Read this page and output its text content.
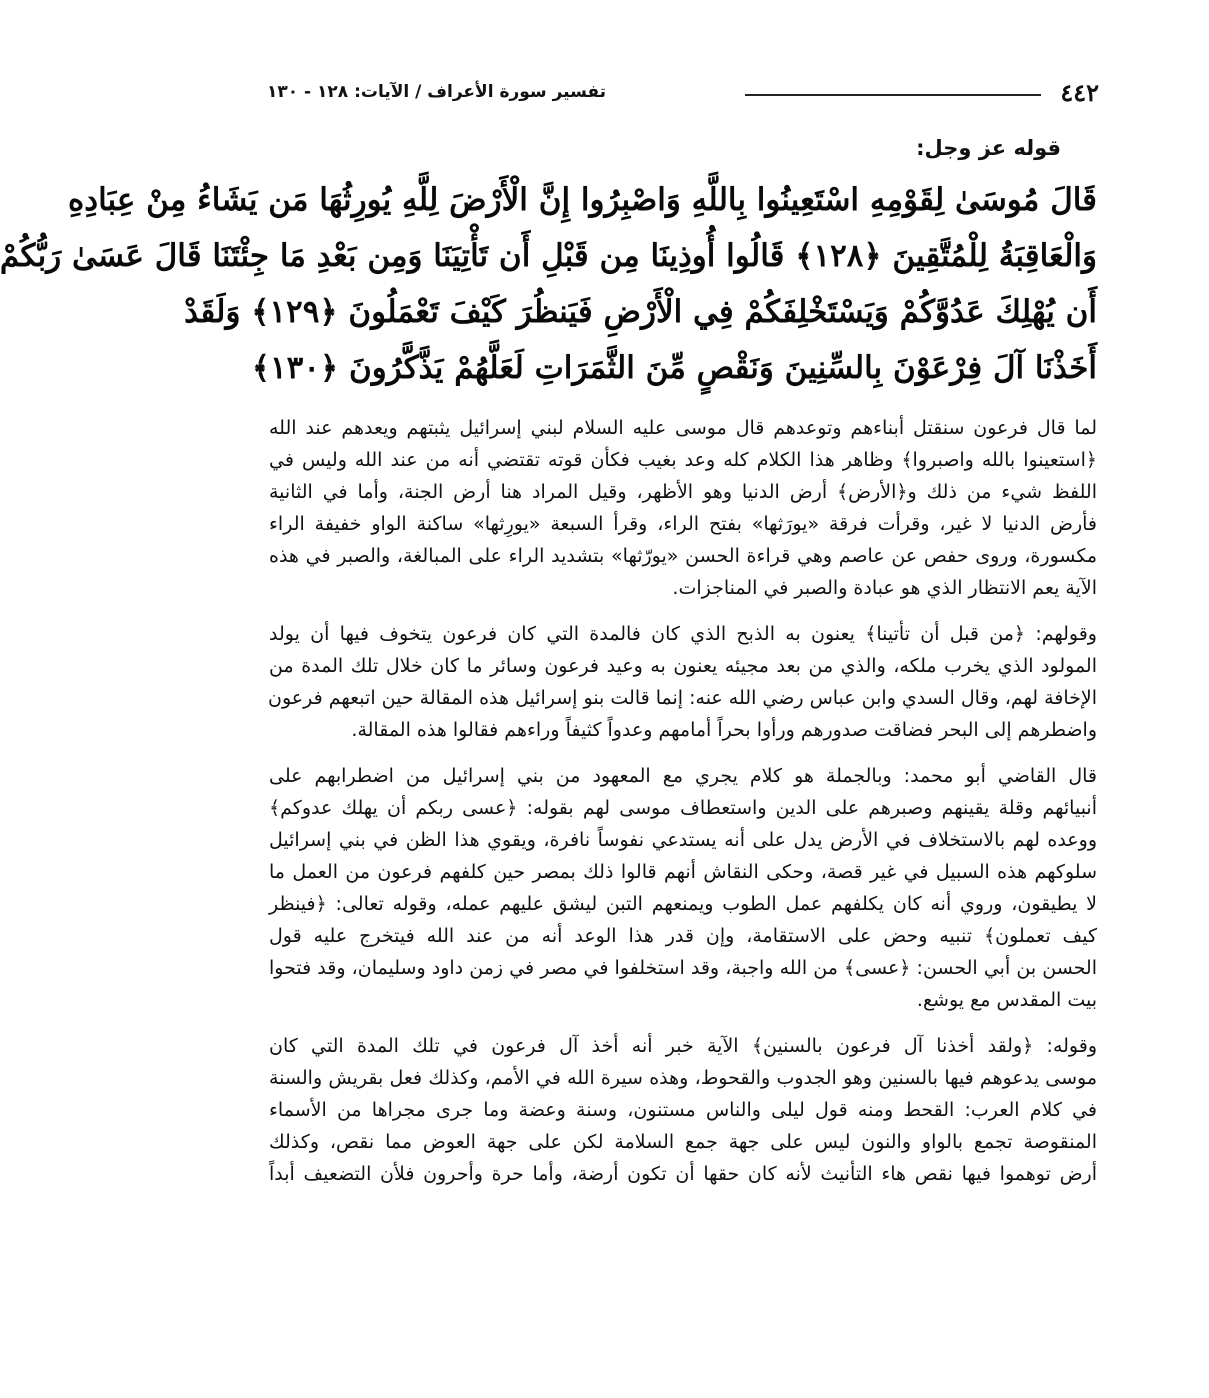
٤٤٢
تفسير سورة الأعراف / الآيات: ١٢٨ - ١٣٠
قوله عز وجل:
قَالَ مُوسَىٰ لِقَوْمِهِ اسْتَعِينُوا بِاللَّهِ وَاصْبِرُوا إِنَّ الْأَرْضَ لِلَّهِ يُورِثُهَا مَن يَشَاءُ مِنْ عِبَادِهِ
وَالْعَاقِبَةُ لِلْمُتَّقِينَ ﴿١٢٨﴾ قَالُوا أُوذِينَا مِن قَبْلِ أَن تَأْتِيَنَا وَمِن بَعْدِ مَا جِئْتَنَا قَالَ عَسَىٰ رَبُّكُمْ
أَن يُهْلِكَ عَدُوَّكُمْ وَيَسْتَخْلِفَكُمْ فِي الْأَرْضِ فَيَنظُرَ كَيْفَ تَعْمَلُونَ ﴿١٢٩﴾ وَلَقَدْ
أَخَذْنَا آلَ فِرْعَوْنَ بِالسِّنِينَ وَنَقْصٍ مِّنَ الثَّمَرَاتِ لَعَلَّهُمْ يَذَّكَّرُونَ ﴿١٣٠﴾
لما قال فرعون سنقتل أبناءهم وتوعدهم قال موسى عليه السلام لبني إسرائيل يثبتهم ويعدهم عند الله
﴿استعينوا بالله واصبروا﴾ وظاهر هذا الكلام كله وعد بغيب فكأن قوته تقتضي أنه من عند الله وليس في
اللفظ شيء من ذلك و﴿الأرض﴾ أرض الدنيا وهو الأظهر، وقيل المراد هنا أرض الجنة، وأما في الثانية
فأرض الدنيا لا غير، وقرأت فرقة «يورَثها» بفتح الراء، وقرأ السبعة «يورِثها» ساكنة الواو خفيفة الراء
مكسورة، وروى حفص عن عاصم وهي قراءة الحسن «يورّثها» بتشديد الراء على المبالغة، والصبر في هذه
الآية يعم الانتظار الذي هو عبادة والصبر في المناجزات.
وقولهم: ﴿من قبل أن تأتينا﴾ يعنون به الذبح الذي كان فالمدة التي كان فرعون يتخوف فيها أن يولد
المولود الذي يخرب ملكه، والذي من بعد مجيئه يعنون به وعيد فرعون وسائر ما كان خلال تلك المدة من
الإخافة لهم، وقال السدي وابن عباس رضي الله عنه: إنما قالت بنو إسرائيل هذه المقالة حين اتبعهم فرعون
واضطرهم إلى البحر فضاقت صدورهم ورأوا بحراً أمامهم وعدواً كثيفاً وراءهم فقالوا هذه المقالة.
قال القاضي أبو محمد: وبالجملة هو كلام يجري مع المعهود من بني إسرائيل من اضطرابهم على
أنبيائهم وقلة يقينهم وصبرهم على الدين واستعطاف موسى لهم بقوله: ﴿عسى ربكم أن يهلك عدوكم﴾
ووعده لهم بالاستخلاف في الأرض يدل على أنه يستدعي نفوساً نافرة، ويقوي هذا الظن في بني إسرائيل
سلوكهم هذه السبيل في غير قصة، وحكى النقاش أنهم قالوا ذلك بمصر حين كلفهم فرعون من العمل ما
لا يطيقون، وروي أنه كان يكلفهم عمل الطوب ويمنعهم التبن ليشق عليهم عمله، وقوله تعالى: ﴿فينظر
كيف تعملون﴾ تنبيه وحض على الاستقامة، وإن قدر هذا الوعد أنه من عند الله فيتخرج عليه قول
الحسن بن أبي الحسن: ﴿عسى﴾ من الله واجبة، وقد استخلفوا في مصر في زمن داود وسليمان، وقد فتحوا
بيت المقدس مع يوشع.
وقوله: ﴿ولقد أخذنا آل فرعون بالسنين﴾ الآية خبر أنه أخذ آل فرعون في تلك المدة التي كان
موسى يدعوهم فيها بالسنين وهو الجدوب والقحوط، وهذه سيرة الله في الأمم، وكذلك فعل بقريش والسنة
في كلام العرب: القحط ومنه قول ليلى والناس مستنون، وسنة وعضة وما جرى مجراها من الأسماء
المنقوصة تجمع بالواو والنون ليس على جهة جمع السلامة لكن على جهة العوض مما نقص، وكذلك
أرض توهموا فيها نقص هاء التأنيث لأنه كان حقها أن تكون أرضة، وأما حرة وأحرون فلأن التضعيف أبداً
